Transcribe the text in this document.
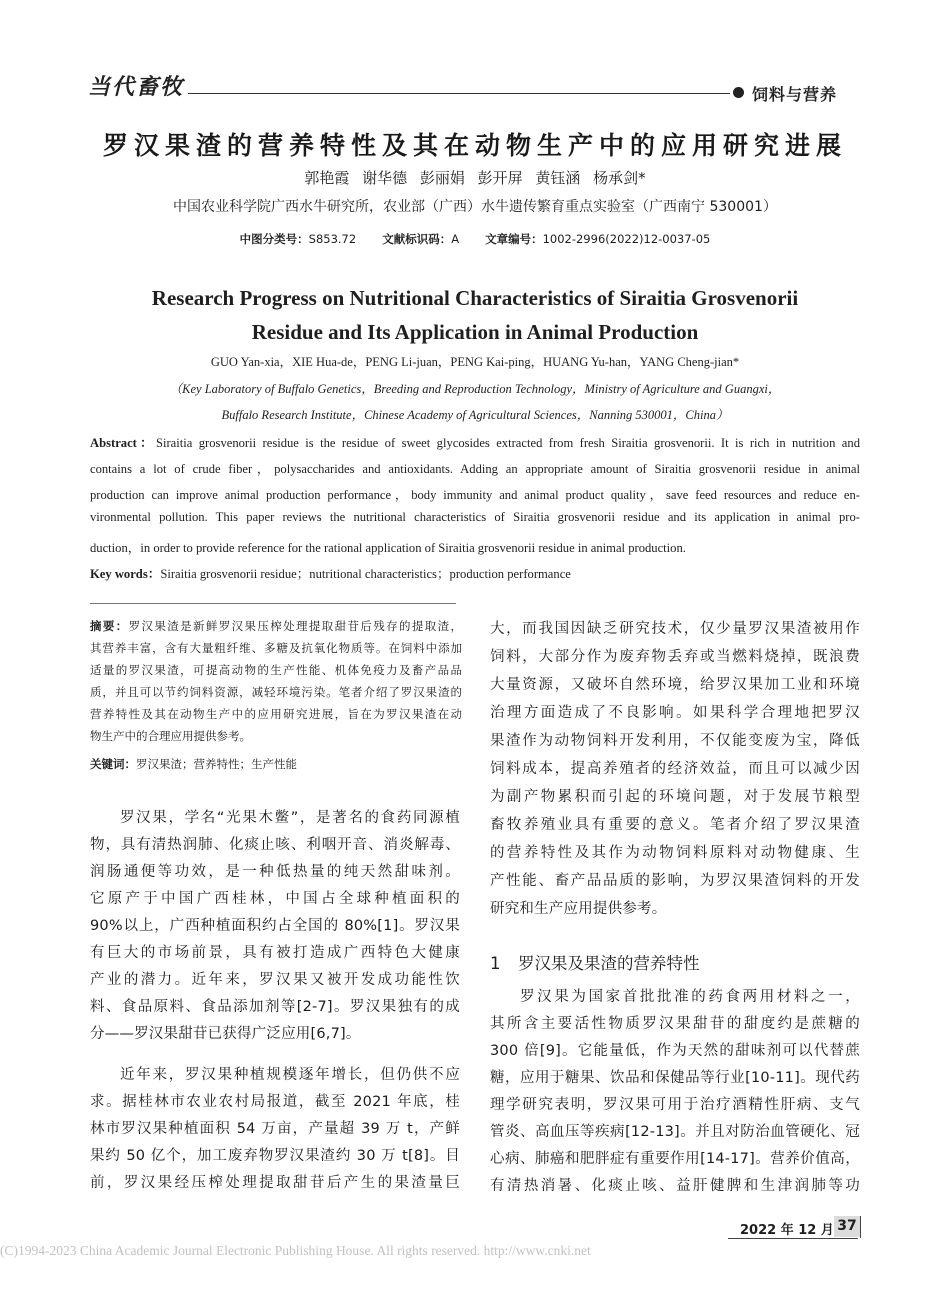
当代畜牧	饲料与营养
罗汉果渣的营养特性及其在动物生产中的应用研究进展
郭艳霞 谢华德 彭丽娟 彭开屏 黄钰涵 杨承剑*
中国农业科学院广西水牛研究所，农业部（广西）水牛遗传繁育重点实验室（广西南宁 530001）
中图分类号：S853.72 文献标识码：A 文章编号：1002-2996(2022)12-0037-05
Research Progress on Nutritional Characteristics of Siraitia Grosvenorii
Residue and Its Application in Animal Production
GUO Yan-xia，XIE Hua-de，PENG Li-juan，PENG Kai-ping，HUANG Yu-han，YANG Cheng-jian*
（Key Laboratory of Buffalo Genetics，Breeding and Reproduction Technology，Ministry of Agriculture and Guangxi，
Buffalo Research Institute，Chinese Academy of Agricultural Sciences，Nanning 530001，China）
Abstract：Siraitia grosvenorii residue is the residue of sweet glycosides extracted from fresh Siraitia grosvenorii. It is rich in nutrition and
contains a lot of crude fiber，polysaccharides and antioxidants. Adding an appropriate amount of Siraitia grosvenorii residue in animal
production can improve animal production performance，body immunity and animal product quality，save feed resources and reduce en-
vironmental pollution. This paper reviews the nutritional characteristics of Siraitia grosvenorii residue and its application in animal pro-
duction，in order to provide reference for the rational application of Siraitia grosvenorii residue in animal production.
Key words：Siraitia grosvenorii residue；nutritional characteristics；production performance
摘要：罗汉果渣是新鲜罗汉果压榨处理提取甜苷后残存的提取渣，
其营养丰富，含有大量粗纤维、多糖及抗氧化物质等。在饲料中添加
适量的罗汉果渣，可提高动物的生产性能、机体免疫力及畜产品品
质，并且可以节约饲料资源，减轻环境污染。笔者介绍了罗汉果渣的
营养特性及其在动物生产中的应用研究进展，旨在为罗汉果渣在动
物生产中的合理应用提供参考。
关键词：罗汉果渣；营养特性；生产性能
罗汉果，学名“光果木鳖”，是著名的食药同源植
物，具有清热润肺、化痰止咳、利咽开音、消炎解毒、
润肠通便等功效，是一种低热量的纯天然甜味剂。
它原产于中国广西桂林，中国占全球种植面积的
90%以上，广西种植面积约占全国的 80%[1]。罗汉果
有巨大的市场前景，具有被打造成广西特色大健康
产业的潜力。近年来，罗汉果又被开发成功能性饮
料、食品原料、食品添加剂等[2-7]。罗汉果独有的成
分——罗汉果甜苷已获得广泛应用[6,7]。
近年来，罗汉果种植规模逐年增长，但仍供不应
求。据桂林市农业农村局报道，截至 2021 年底，桂
林市罗汉果种植面积 54 万亩，产量超 39 万 t，产鲜
果约 50 亿个，加工废弃物罗汉果渣约 30 万 t[8]。目
前，罗汉果经压榨处理提取甜苷后产生的果渣量巨
大，而我国因缺乏研究技术，仅少量罗汉果渣被用作
饲料，大部分作为废弃物丢弃或当燃料烧掉，既浪费
大量资源，又破坏自然环境，给罗汉果加工业和环境
治理方面造成了不良影响。如果科学合理地把罗汉
果渣作为动物饲料开发利用，不仅能变废为宝，降低
饲料成本，提高养殖者的经济效益，而且可以减少因
为副产物累积而引起的环境问题，对于发展节粮型
畜牧养殖业具有重要的意义。笔者介绍了罗汉果渣
的营养特性及其作为动物饲料原料对动物健康、生
产性能、畜产品品质的影响，为罗汉果渣饲料的开发
研究和生产应用提供参考。
1 罗汉果及果渣的营养特性
罗汉果为国家首批批准的药食两用材料之一，
其所含主要活性物质罗汉果甜苷的甜度约是蔗糖的
300 倍[9]。它能量低，作为天然的甜味剂可以代替蔗
糖，应用于糖果、饮品和保健品等行业[10-11]。现代药
理学研究表明，罗汉果可用于治疗酒精性肝病、支气
管炎、高血压等疾病[12-13]。并且对防治血管硬化、冠
心病、肺癌和肥胖症有重要作用[14-17]。营养价值高，
有清热消暑、化痰止咳、益肝健脾和生津润肺等功
2022 年 12 月 37
(C)1994-2023 China Academic Journal Electronic Publishing House. All rights reserved. http://www.cnki.net
